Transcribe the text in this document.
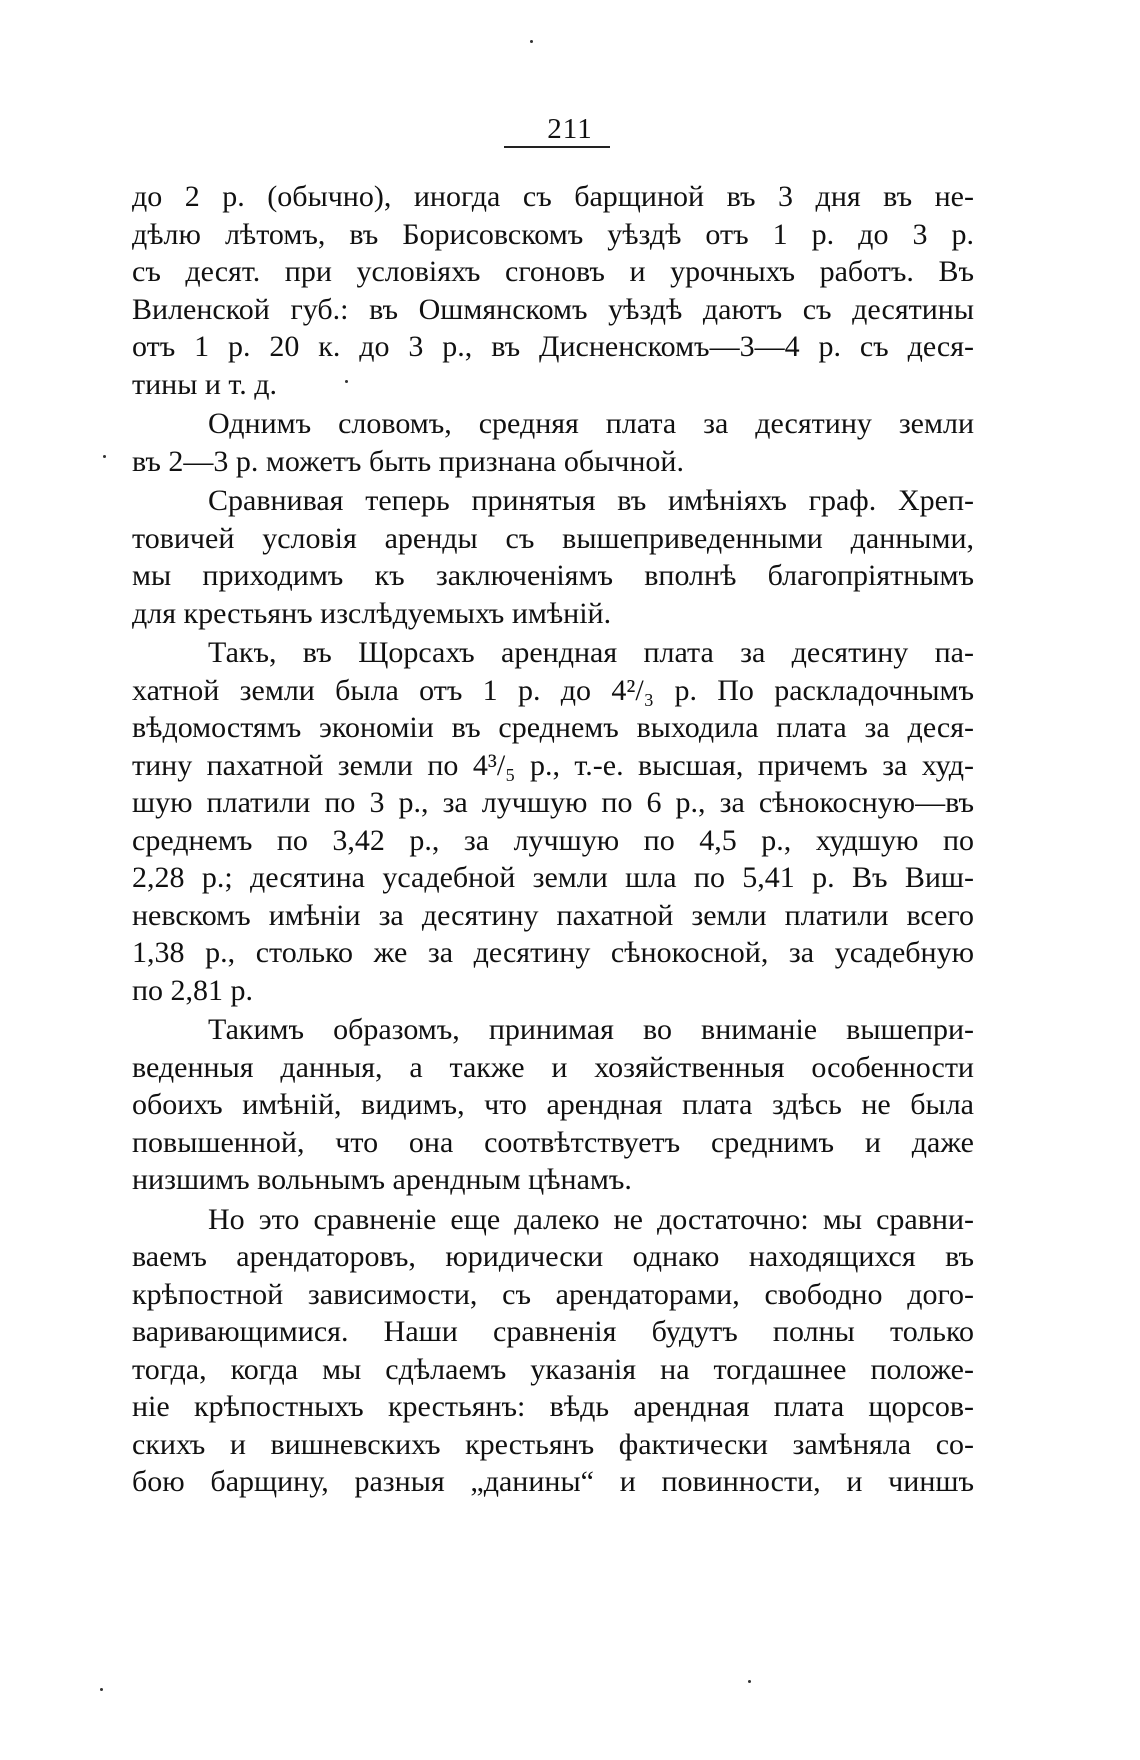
211

до 2 р. (обычно), иногда съ барщиной въ 3 дня въ не-
дѣлю лѣтомъ, въ Борисовскомъ уѣздѣ отъ 1 р. до 3 р.
съ десят. при условіяхъ сгоновъ и урочныхъ работъ. Въ
Виленской губ.: въ Ошмянскомъ уѣздѣ даютъ съ десятины
отъ 1 р. 20 к. до 3 р., въ Дисненскомъ—3—4 р. съ деся-
тины и т. д.

Однимъ словомъ, средняя плата за десятину земли
въ 2—3 р. можетъ быть признана обычной.

Сравнивая теперь принятыя въ имѣніяхъ граф. Хреп-
товичей условія аренды съ вышеприведенными данными,
мы приходимъ къ заключеніямъ вполнѣ благопріятнымъ
для крестьянъ изслѣдуемыхъ имѣній.

Такъ, въ Щорсахъ арендная плата за десятину па-
хатной земли была отъ 1 р. до 4²/₃ р. По раскладочнымъ
вѣдомостямъ экономіи въ среднемъ выходила плата за деся-
тину пахатной земли по 4³/₅ р., т.-е. высшая, причемъ за худ-
шую платили по 3 р., за лучшую по 6 р., за сѣнокосную—въ
среднемъ по 3,42 р., за лучшую по 4,5 р., худшую по
2,28 р.; десятина усадебной земли шла по 5,41 р. Въ Виш-
невскомъ имѣніи за десятину пахатной земли платили всего
1,38 р., столько же за десятину сѣнокосной, за усадебную
по 2,81 р.

Такимъ образомъ, принимая во вниманіе вышепри-
веденныя данныя, а также и хозяйственныя особенности
обоихъ имѣній, видимъ, что арендная плата здѣсь не была
повышенной, что она соотвѣтствуетъ среднимъ и даже
низшимъ вольнымъ арендным цѣнамъ.

Но это сравненіе еще далеко не достаточно: мы сравни-
ваемъ арендаторовъ, юридически однако находящихся въ
крѣпостной зависимости, съ арендаторами, свободно дого-
варивающимися. Наши сравненія будутъ полны только
тогда, когда мы сдѣлаемъ указанія на тогдашнее положе-
ніе крѣпостныхъ крестьянъ: вѣдь арендная плата щорсов-
скихъ и вишневскихъ крестьянъ фактически замѣняла со-
бою барщину, разныя „данины“ и повинности, и чиншъ
